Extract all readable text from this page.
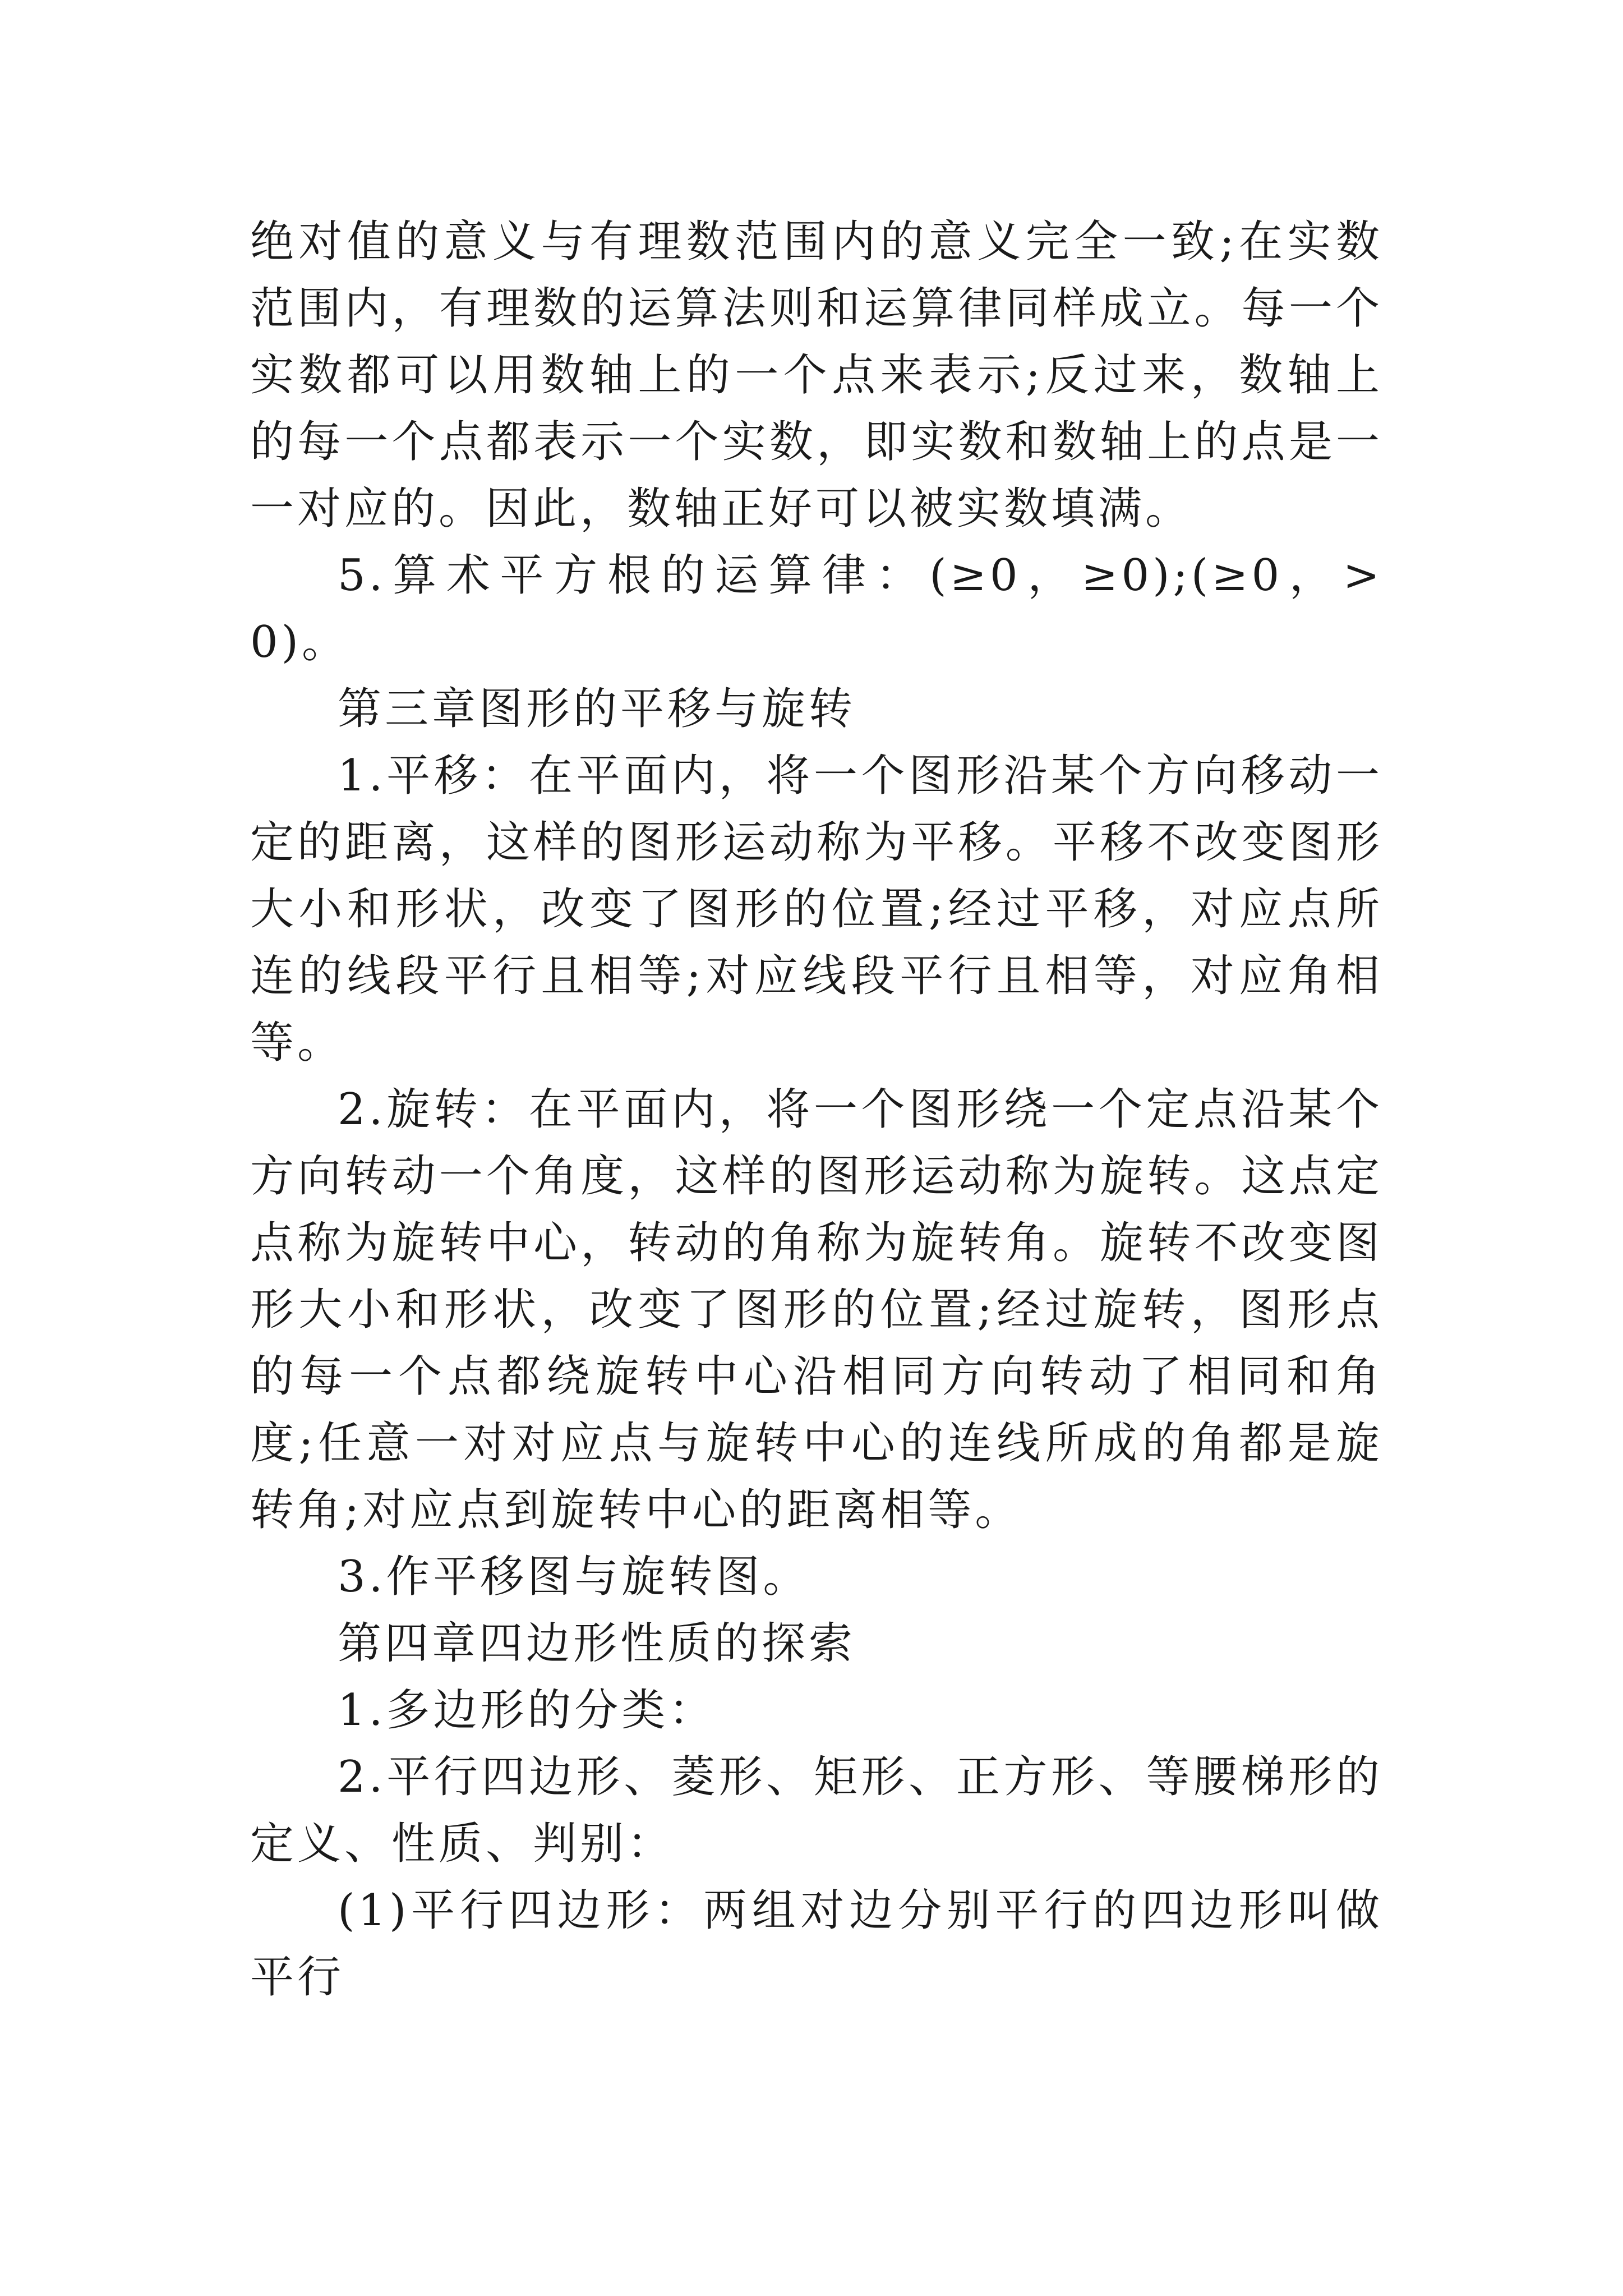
绝对值的意义与有理数范围内的意义完全一致;在实数范围内，有理数的运算法则和运算律同样成立。每一个实数都可以用数轴上的一个点来表示;反过来，数轴上的每一个点都表示一个实数，即实数和数轴上的点是一一对应的。因此，数轴正好可以被实数填满。

5.算术平方根的运算律：(≥0，≥0);(≥0，>0)。

第三章图形的平移与旋转

1.平移：在平面内，将一个图形沿某个方向移动一定的距离，这样的图形运动称为平移。平移不改变图形大小和形状，改变了图形的位置;经过平移，对应点所连的线段平行且相等;对应线段平行且相等，对应角相等。

2.旋转：在平面内，将一个图形绕一个定点沿某个方向转动一个角度，这样的图形运动称为旋转。这点定点称为旋转中心，转动的角称为旋转角。旋转不改变图形大小和形状，改变了图形的位置;经过旋转，图形点的每一个点都绕旋转中心沿相同方向转动了相同和角度;任意一对对应点与旋转中心的连线所成的角都是旋转角;对应点到旋转中心的距离相等。

3.作平移图与旋转图。

第四章四边形性质的探索

1.多边形的分类：

2.平行四边形、菱形、矩形、正方形、等腰梯形的定义、性质、判别：

(1)平行四边形：两组对边分别平行的四边形叫做平行
